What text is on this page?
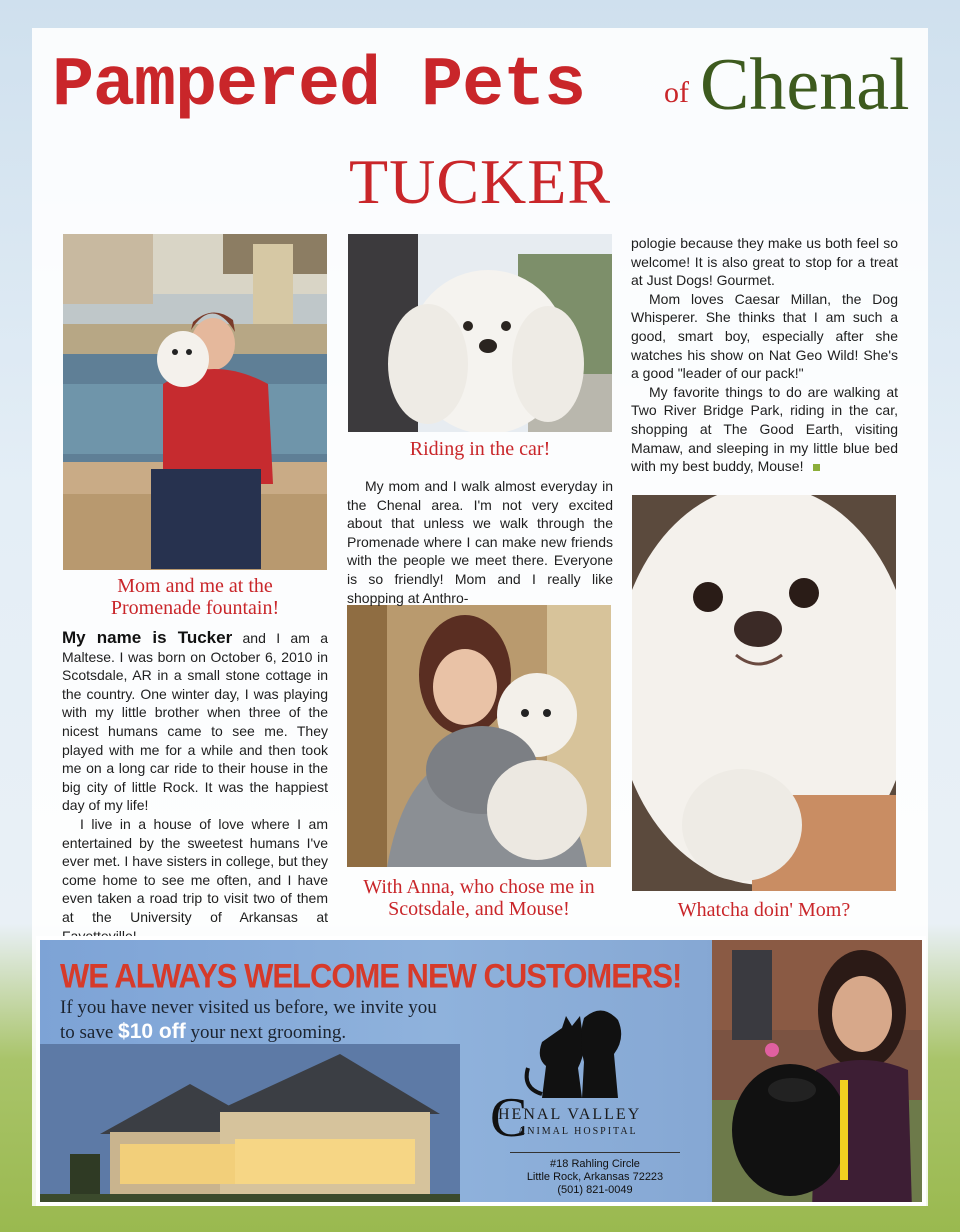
Pampered Pets	of Chenal
TUCKER
Mom and me at the Promenade fountain!
Riding in the car!
With Anna, who chose me in Scotsdale, and Mouse!	Whatcha doin' Mom?

My name is Tucker and I am a Maltese. I was born on October 6, 2010 in Scotsdale, AR in a small stone cottage in the country. One winter day, I was playing with my little brother when three of the nicest humans came to see me. They played with me for a while and then took me on a long car ride to their house in the big city of little Rock. It was the happiest day of my life!

I live in a house of love where I am entertained by the sweetest humans I've ever met. I have sisters in college, but they come home to see me often, and I have even taken a road trip to visit two of them at the University of Arkansas at

My mom and I walk almost everyday in the Chenal area. I'm not very excited about that unless we walk through the Promenade where I can make new friends with the people we meet there. Everyone is so friendly! Mom and I really like shopping at Anthro-

pologie because they make us both feel so welcome! It is also great to stop for a treat at Just Dogs! Gourmet.

Mom loves Caesar Millan, the Dog Whisperer. She thinks that I am such a good, smart boy, especially after she watches his show on Nat Geo Wild! She's a good "leader of our pack!"

My favorite things to do are walking at Two River Bridge Park, riding in the car, shopping at The Good Earth, visiting Mamaw, and sleeping in my little blue bed with my best buddy, Mouse!

WE ALWAYS WELCOME NEW CUSTOMERS!
If you have never visited us before, we invite you
to save $10 off your next grooming.
C
HENAL VALLEY
ANIMAL HOSPITAL
#18 Rahling Circle
Little Rock, Arkansas 72223
(501) 821-0049
